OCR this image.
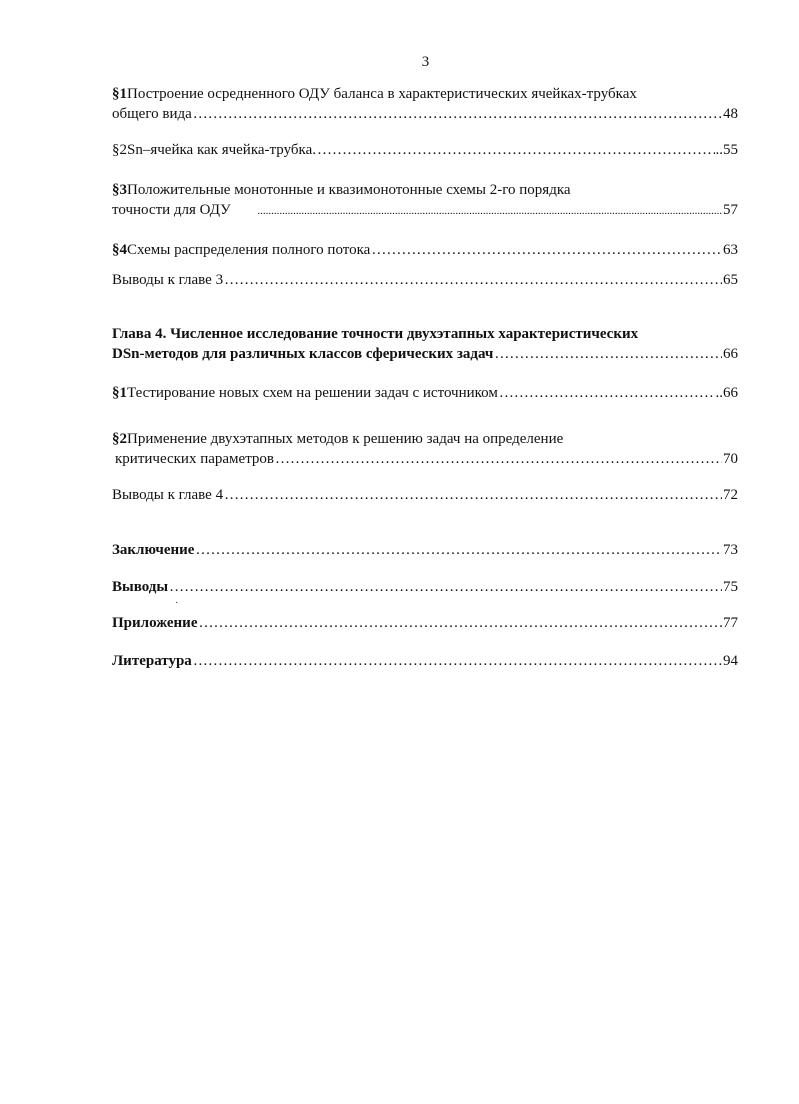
3
§1 Построение осредненного ОДУ баланса в характеристических ячейках-трубках
общего вида ………………………………………………………………………………………………………………………………………………………………………………………………………………………………	48
§2 Sn–ячейка как ячейка-трубка. ………………………………………………………………………………………………………………………………………………………………………………………………………………………………	..55
§3 Положительные монотонные и квазимонотонные схемы 2-го порядка
точности для ОДУ .....	57
§4 Схемы распределения полного потока ………………………………………………………………………………………………………………………………………………………………………………………………………………………………	63
Выводы к главе 3 ………………………………………………………………………………………………………………………………………………………………………………………………………………………………	65
Глава 4. Численное исследование точности двухэтапных характеристических
DSn-методов для различных классов сферических задач ………………………………………………………………………………………………………………………………………………………………………………………………………………………………	66
§1 Тестирование новых схем на решении задач с источником ………………………………………………………………………………………………………………………………………………………………………………………………………………………………	..66
§2 Применение двухэтапных методов к решению задач на определение
критических параметров ………………………………………………………………………………………………………………………………………………………………………………………………………………………………	70
Выводы к главе 4 ………………………………………………………………………………………………………………………………………………………………………………………………………………………………	72
Заключение ………………………………………………………………………………………………………………………………………………………………………………………………………………………………	73
Выводы ………………………………………………………………………………………………………………………………………………………………………………………………………………………………	75
Приложение ………………………………………………………………………………………………………………………………………………………………………………………………………………………………	77
Литература ………………………………………………………………………………………………………………………………………………………………………………………………………………………………	94
˙
